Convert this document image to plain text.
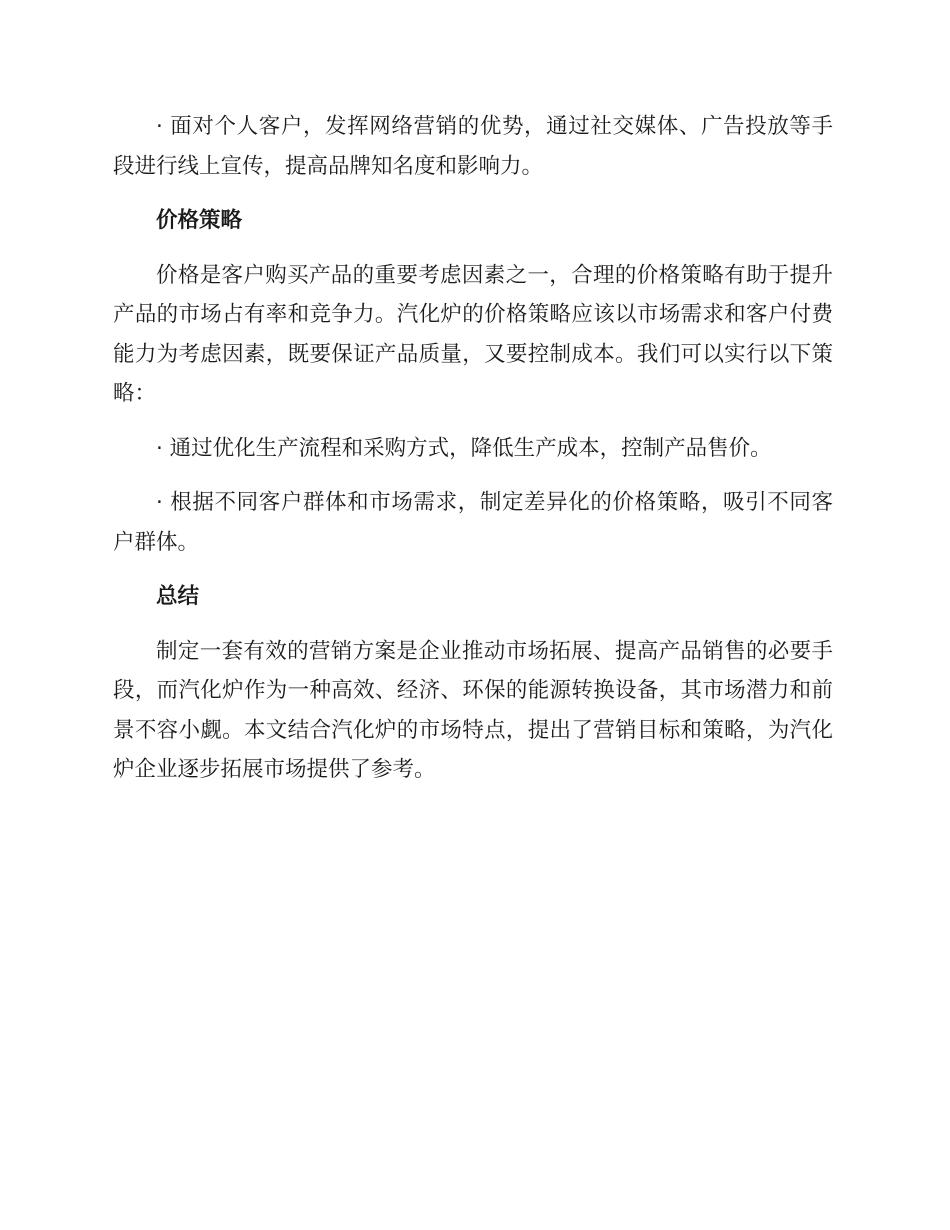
· 面对个人客户，发挥网络营销的优势，通过社交媒体、广告投放等手段进行线上宣传，提高品牌知名度和影响力。

价格策略

价格是客户购买产品的重要考虑因素之一，合理的价格策略有助于提升产品的市场占有率和竞争力。汽化炉的价格策略应该以市场需求和客户付费能力为考虑因素，既要保证产品质量，又要控制成本。我们可以实行以下策略：

· 通过优化生产流程和采购方式，降低生产成本，控制产品售价。

· 根据不同客户群体和市场需求，制定差异化的价格策略，吸引不同客户群体。

总结

制定一套有效的营销方案是企业推动市场拓展、提高产品销售的必要手段，而汽化炉作为一种高效、经济、环保的能源转换设备，其市场潜力和前景不容小觑。本文结合汽化炉的市场特点，提出了营销目标和策略，为汽化炉企业逐步拓展市场提供了参考。
